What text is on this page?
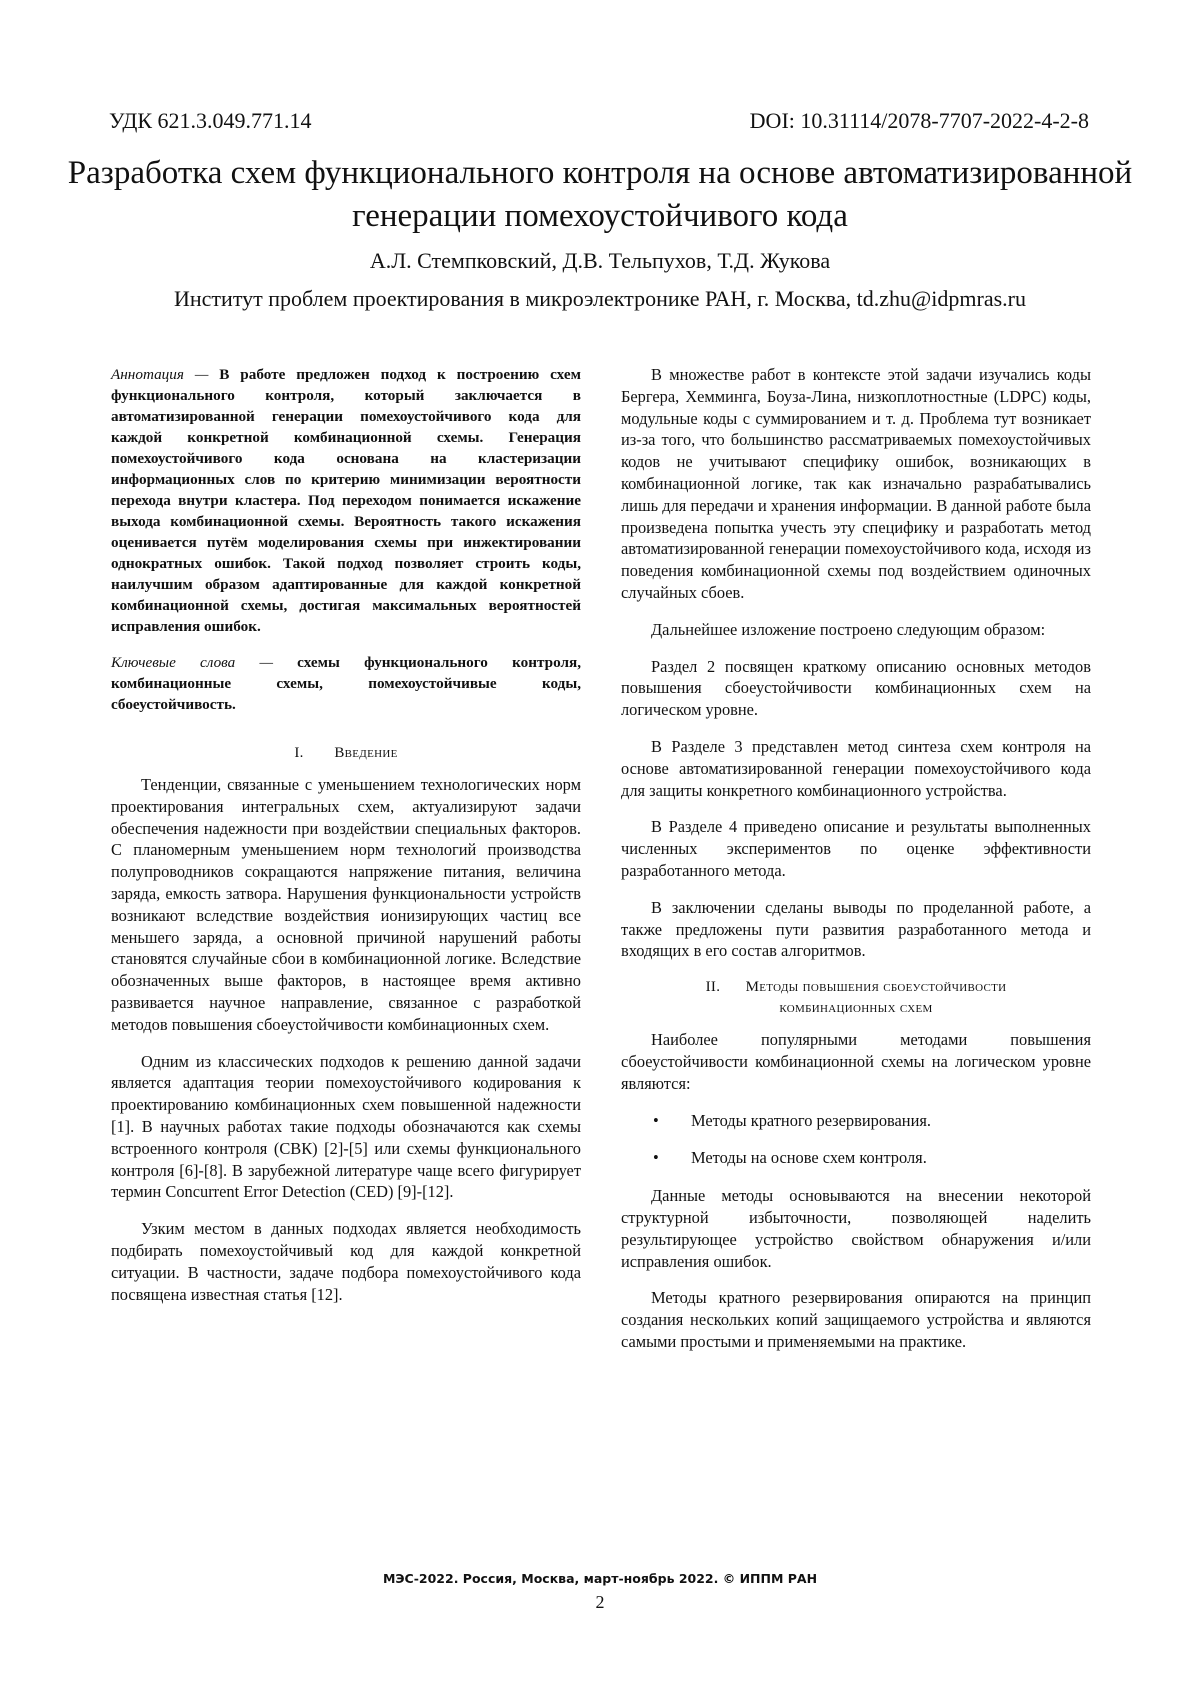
УДК 621.3.049.771.14	DOI: 10.31114/2078-7707-2022-4-2-8
Разработка схем функционального контроля на основе автоматизированной генерации помехоустойчивого кода
А.Л. Стемпковский, Д.В. Тельпухов, Т.Д. Жукова
Институт проблем проектирования в микроэлектронике РАН, г. Москва, td.zhu@idpmras.ru

Аннотация — В работе предложен подход к построению схем функционального контроля, который заключается в автоматизированной генерации помехоустойчивого кода для каждой конкретной комбинационной схемы. Генерация помехоустойчивого кода основана на кластеризации информационных слов по критерию минимизации вероятности перехода внутри кластера. Под переходом понимается искажение выхода комбинационной схемы. Вероятность такого искажения оценивается путём моделирования схемы при инжектировании однократных ошибок. Такой подход позволяет строить коды, наилучшим образом адаптированные для каждой конкретной комбинационной схемы, достигая максимальных вероятностей исправления ошибок.

Ключевые слова — схемы функционального контроля, комбинационные схемы, помехоустойчивые коды, сбоеустойчивость.

I. Введение

Тенденции, связанные с уменьшением технологических норм проектирования интегральных схем, актуализируют задачи обеспечения надежности при воздействии специальных факторов. С планомерным уменьшением норм технологий производства полупроводников сокращаются напряжение питания, величина заряда, емкость затвора. Нарушения функциональности устройств возникают вследствие воздействия ионизирующих частиц все меньшего заряда, а основной причиной нарушений работы становятся случайные сбои в комбинационной логике. Вследствие обозначенных выше факторов, в настоящее время активно развивается научное направление, связанное с разработкой методов повышения сбоеустойчивости комбинационных схем.

Одним из классических подходов к решению данной задачи является адаптация теории помехоустойчивого кодирования к проектированию комбинационных схем повышенной надежности [1]. В научных работах такие подходы обозначаются как схемы встроенного контроля (СВК) [2]-[5] или схемы функционального контроля [6]-[8]. В зарубежной литературе чаще всего фигурирует термин Concurrent Error Detection (CED) [9]-[12].

Узким местом в данных подходах является необходимость подбирать помехоустойчивый код для каждой конкретной ситуации. В частности, задаче подбора помехоустойчивого кода посвящена известная статья [12].

В множестве работ в контексте этой задачи изучались коды Бергера, Хемминга, Боуза-Лина, низкоплотностные (LDPC) коды, модульные коды с суммированием и т. д. Проблема тут возникает из-за того, что большинство рассматриваемых помехоустойчивых кодов не учитывают специфику ошибок, возникающих в комбинационной логике, так как изначально разрабатывались лишь для передачи и хранения информации. В данной работе была произведена попытка учесть эту специфику и разработать метод автоматизированной генерации помехоустойчивого кода, исходя из поведения комбинационной схемы под воздействием одиночных случайных сбоев.

Дальнейшее изложение построено следующим образом:

Раздел 2 посвящен краткому описанию основных методов повышения сбоеустойчивости комбинационных схем на логическом уровне.

В Разделе 3 представлен метод синтеза схем контроля на основе автоматизированной генерации помехоустойчивого кода для защиты конкретного комбинационного устройства.

В Разделе 4 приведено описание и результаты выполненных численных экспериментов по оценке эффективности разработанного метода.

В заключении сделаны выводы по проделанной работе, а также предложены пути развития разработанного метода и входящих в его состав алгоритмов.

II. Методы повышения сбоеустойчивости
комбинационных схем

Наиболее популярными методами повышения сбоеустойчивости комбинационной схемы на логическом уровне являются:

• Методы кратного резервирования.
• Методы на основе схем контроля.

Данные методы основываются на внесении некоторой структурной избыточности, позволяющей наделить результирующее устройство свойством обнаружения и/или исправления ошибок.

Методы кратного резервирования опираются на принцип создания нескольких копий защищаемого устройства и являются самыми простыми и применяемыми на практике.

МЭС-2022. Россия, Москва, март-ноябрь 2022. © ИППМ РАН
2
